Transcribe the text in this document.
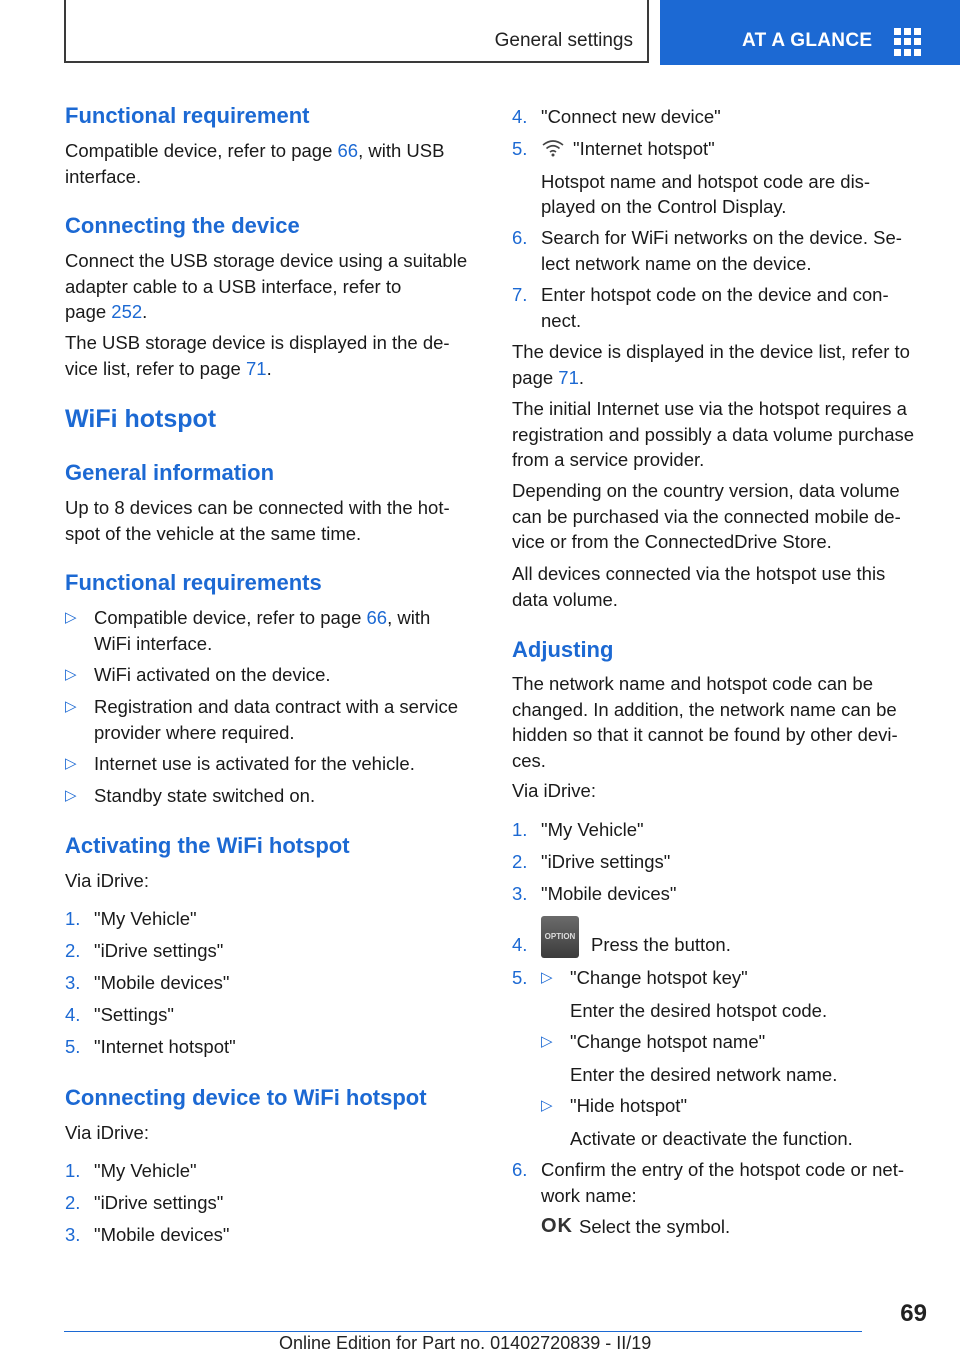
General settings	AT A GLANCE
Functional requirement
Compatible device, refer to page 66, with USB
interface.
Connecting the device
Connect the USB storage device using a suitable
adapter cable to a USB interface, refer to
page 252.
The USB storage device is displayed in the de-
vice list, refer to page 71.
WiFi hotspot
General information
Up to 8 devices can be connected with the hot-
spot of the vehicle at the same time.
Functional requirements
▷ Compatible device, refer to page 66, with
WiFi interface.
▷ WiFi activated on the device.
▷ Registration and data contract with a service
provider where required.
▷ Internet use is activated for the vehicle.
▷ Standby state switched on.
Activating the WiFi hotspot
Via iDrive:
1. "My Vehicle"
2. "iDrive settings"
3. "Mobile devices"
4. "Settings"
5. "Internet hotspot"
Connecting device to WiFi hotspot
Via iDrive:
1. "My Vehicle"
2. "iDrive settings"
3. "Mobile devices"
4. "Connect new device"
5.	"Internet hotspot"

Hotspot name and hotspot code are dis-
played on the Control Display.
6. Search for WiFi networks on the device. Se-
lect network name on the device.
7. Enter hotspot code on the device and con-
nect.
The device is displayed in the device list, refer to
page 71.
The initial Internet use via the hotspot requires a
registration and possibly a data volume purchase
from a service provider.
Depending on the country version, data volume
can be purchased via the connected mobile de-
vice or from the ConnectedDrive Store.
All devices connected via the hotspot use this
data volume.
Adjusting
The network name and hotspot code can be
changed. In addition, the network name can be
hidden so that it cannot be found by other devi-
ces.
Via iDrive:
1. "My Vehicle"
2. "iDrive settings"
3. "Mobile devices"
4.	OPTION Press the button.
5. ▷ "Change hotspot key"
Enter the desired hotspot code.
▷ "Change hotspot name"
Enter the desired network name.
▷ "Hide hotspot"
Activate or deactivate the function.
6. Confirm the entry of the hotspot code or net-
work name:
OK Select the symbol.
69
Online Edition for Part no. 01402720839 - II/19
